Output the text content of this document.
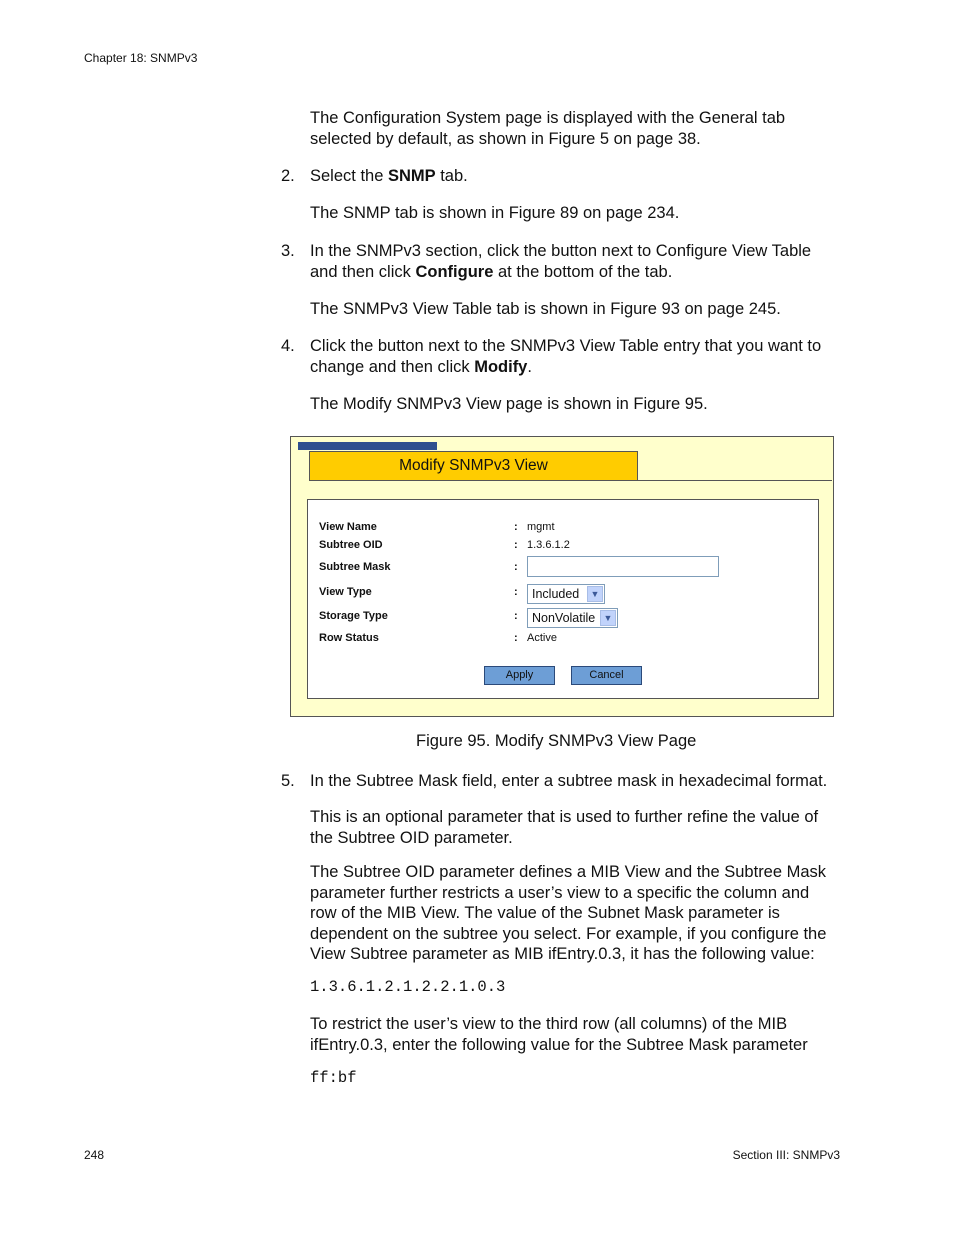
Chapter 18: SNMPv3
The Configuration System page is displayed with the General tab
selected by default, as shown in Figure 5 on page 38.
2. Select the SNMP tab.
The SNMP tab is shown in Figure 89 on page 234.
3. In the SNMPv3 section, click the button next to Configure View Table
and then click Configure at the bottom of the tab.
The SNMPv3 View Table tab is shown in Figure 93 on page 245.
4. Click the button next to the SNMPv3 View Table entry that you want to
change and then click Modify.
The Modify SNMPv3 View page is shown in Figure 95.
Modify SNMPv3 View
View Name	: mgmt
Subtree OID	: 1.3.6.1.2
Subtree Mask	:
View Type	: Included	▼
Storage Type	: NonVolatile ▼
Row Status	: Active
Apply	Cancel
Figure 95. Modify SNMPv3 View Page
5. In the Subtree Mask field, enter a subtree mask in hexadecimal format.
This is an optional parameter that is used to further refine the value of
the Subtree OID parameter.
The Subtree OID parameter defines a MIB View and the Subtree Mask
parameter further restricts a user’s view to a specific the column and
row of the MIB View. The value of the Subnet Mask parameter is
dependent on the subtree you select. For example, if you configure the
View Subtree parameter as MIB ifEntry.0.3, it has the following value:
1.3.6.1.2.1.2.2.1.0.3
To restrict the user’s view to the third row (all columns) of the MIB
ifEntry.0.3, enter the following value for the Subtree Mask parameter
ff:bf
248	Section III: SNMPv3
